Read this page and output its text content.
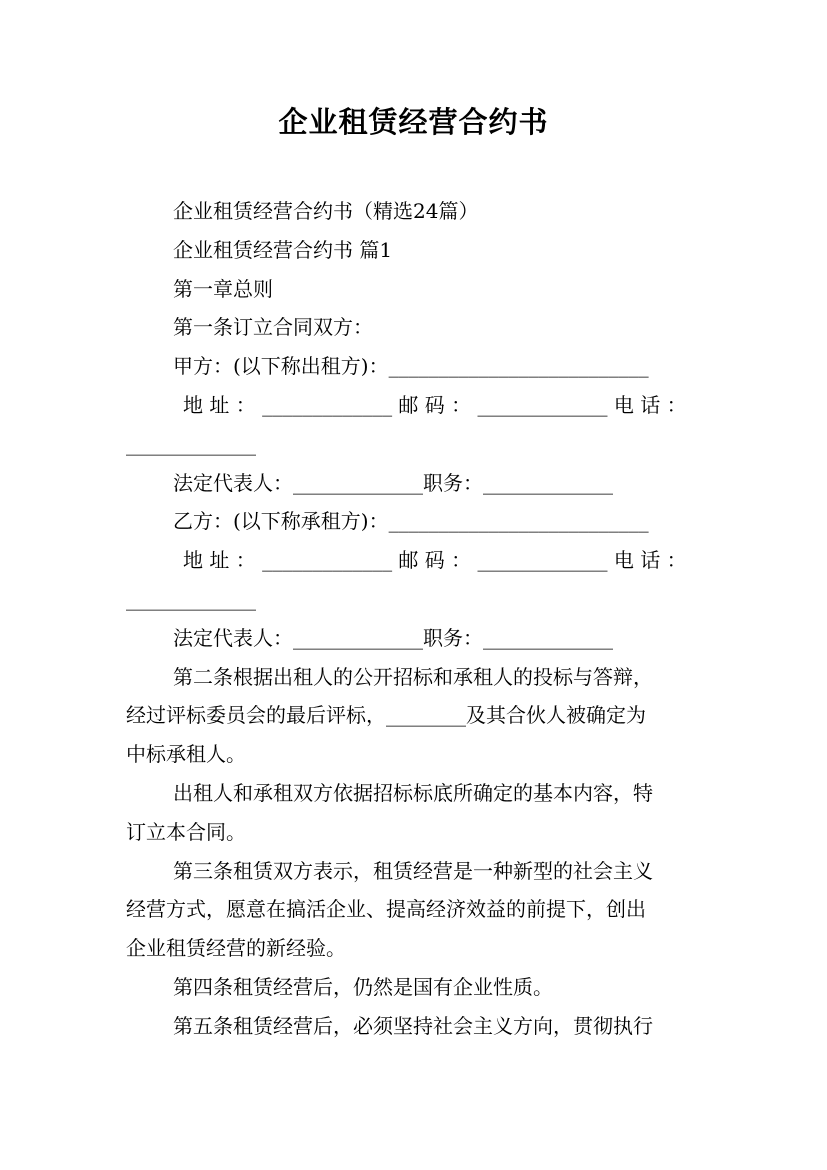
企业租赁经营合约书
企业租赁经营合约书（精选24篇）
企业租赁经营合约书 篇1
第一章总则
第一条订立合同双方：
甲方：(以下称出租方)：__________________________
地 址 ： _____________ 邮 码 ： _____________ 电 话 ：
_____________
法定代表人：_____________职务：_____________
乙方：(以下称承租方)：__________________________
地 址 ： _____________ 邮 码 ： _____________ 电 话 ：
_____________
法定代表人：_____________职务：_____________
第二条根据出租人的公开招标和承租人的投标与答辩，
经过评标委员会的最后评标，________及其合伙人被确定为
中标承租人。
出租人和承租双方依据招标标底所确定的基本内容，特
订立本合同。
第三条租赁双方表示，租赁经营是一种新型的社会主义
经营方式，愿意在搞活企业、提高经济效益的前提下，创出
企业租赁经营的新经验。
第四条租赁经营后，仍然是国有企业性质。
第五条租赁经营后，必须坚持社会主义方向，贯彻执行
